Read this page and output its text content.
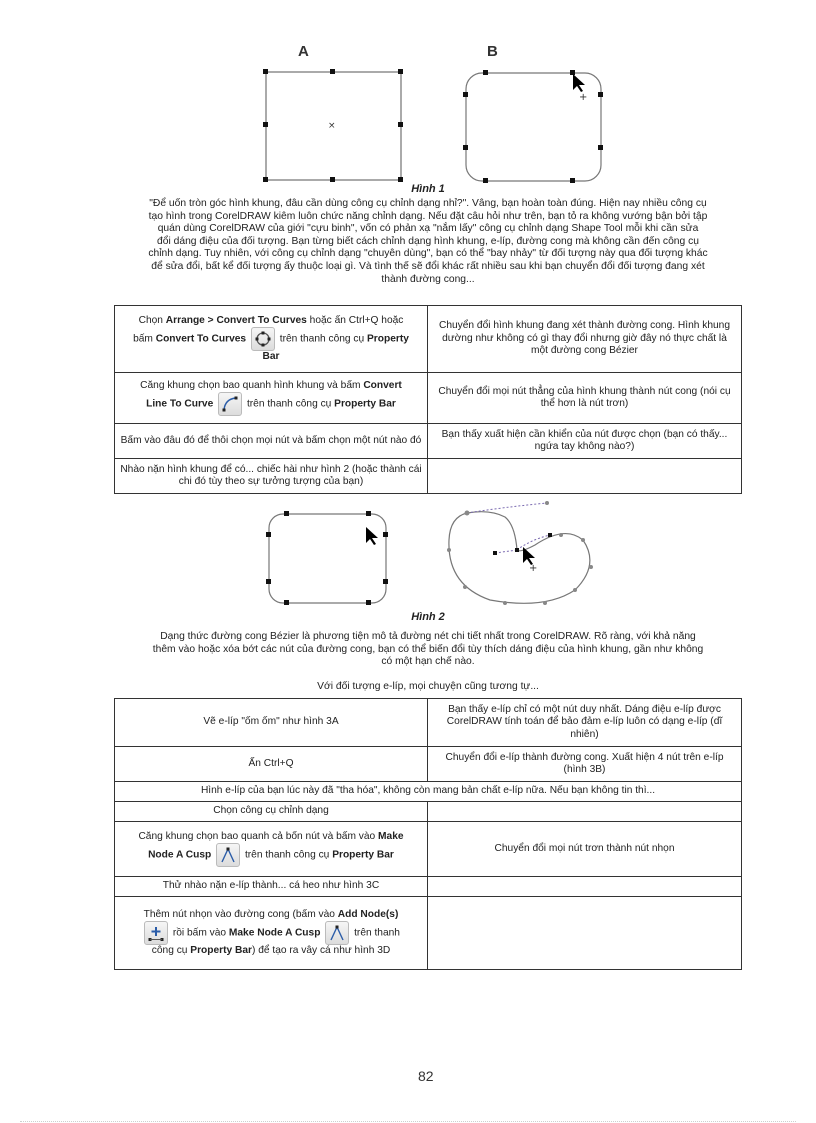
A	B
×
+
Hình 1
"Để uốn tròn góc hình khung, đâu cần dùng công cụ chỉnh dạng nhỉ?". Vâng, bạn hoàn toàn đúng. Hiện nay nhiều công cụ
tạo hình trong CorelDRAW kiêm luôn chức năng chỉnh dạng. Nếu đặt câu hỏi như trên, bạn tỏ ra không vướng bận bởi tập
quán dùng CorelDRAW của giới "cựu binh", vốn có phản xạ "nắm lấy" công cụ chỉnh dạng Shape Tool mỗi khi cần sửa
đổi dáng điệu của đối tượng. Bạn từng biết cách chỉnh dạng hình khung, e-líp, đường cong mà không cần đến công cụ
chỉnh dạng. Tuy nhiên, với công cụ chỉnh dạng "chuyên dùng", bạn có thể "bay nhảy" từ đối tượng này qua đối tượng khác
để sửa đổi, bất kể đối tượng ấy thuộc loại gì. Và tình thế sẽ đổi khác rất nhiều sau khi bạn chuyển đổi đối tượng đang xét
thành đường cong...
Chọn Arrange > Convert To Curves hoặc ấn Ctrl+Q hoặc
bấm Convert To Curves trên thanh công cụ Property
Bar	Chuyển đổi hình khung đang xét thành đường cong. Hình khung dường như không có gì thay đổi nhưng giờ đây nó thực chất là một đường cong Bézier
Căng khung chọn bao quanh hình khung và bấm Convert
Line To Curve trên thanh công cụ Property Bar	Chuyển đổi mọi nút thẳng của hình khung thành nút cong (nói cụ thể hơn là nút trơn)
Bấm vào đâu đó để thôi chọn mọi nút và bấm chọn một nút nào đó	Bạn thấy xuất hiện cần khiển của nút được chọn (bạn có thấy... ngứa tay không nào?)
Nhào nặn hình khung để có... chiếc hài như hình 2 (hoặc thành cái chi đó tùy theo sự tưởng tượng của bạn)	
+
Hình 2
Dạng thức đường cong Bézier là phương tiện mô tả đường nét chi tiết nhất trong CorelDRAW. Rõ ràng, với khả năng
thêm vào hoặc xóa bớt các nút của đường cong, bạn có thể biến đổi tùy thích dáng điệu của hình khung, gần như không
có một hạn chế nào.
Với đối tượng e-líp, mọi chuyện cũng tương tự...
Vẽ e-líp "ốm ốm" như hình 3A	Bạn thấy e-líp chỉ có một nút duy nhất. Dáng điệu e-líp được CorelDRAW tính toán để bảo đảm e-líp luôn có dạng e-líp (dĩ nhiên)
Ấn Ctrl+Q	Chuyển đổi e-líp thành đường cong. Xuất hiện 4 nút trên e-líp (hình 3B)
Hình e-líp của bạn lúc này đã "tha hóa", không còn mang bản chất e-líp nữa. Nếu bạn không tin thì...	
Chọn công cụ chỉnh dạng	
Căng khung chọn bao quanh cả bốn nút và bấm vào Make
Node A Cusp trên thanh công cụ Property Bar	Chuyển đổi mọi nút trơn thành nút nhọn
Thử nhào nặn e-líp thành... cá heo như hình 3C	
Thêm nút nhọn vào đường cong (bấm vào Add Node(s)

rồi bấm vào Make Node A Cusp trên thanh
công cụ Property Bar) để tạo ra vây cá như hình 3D	
82
